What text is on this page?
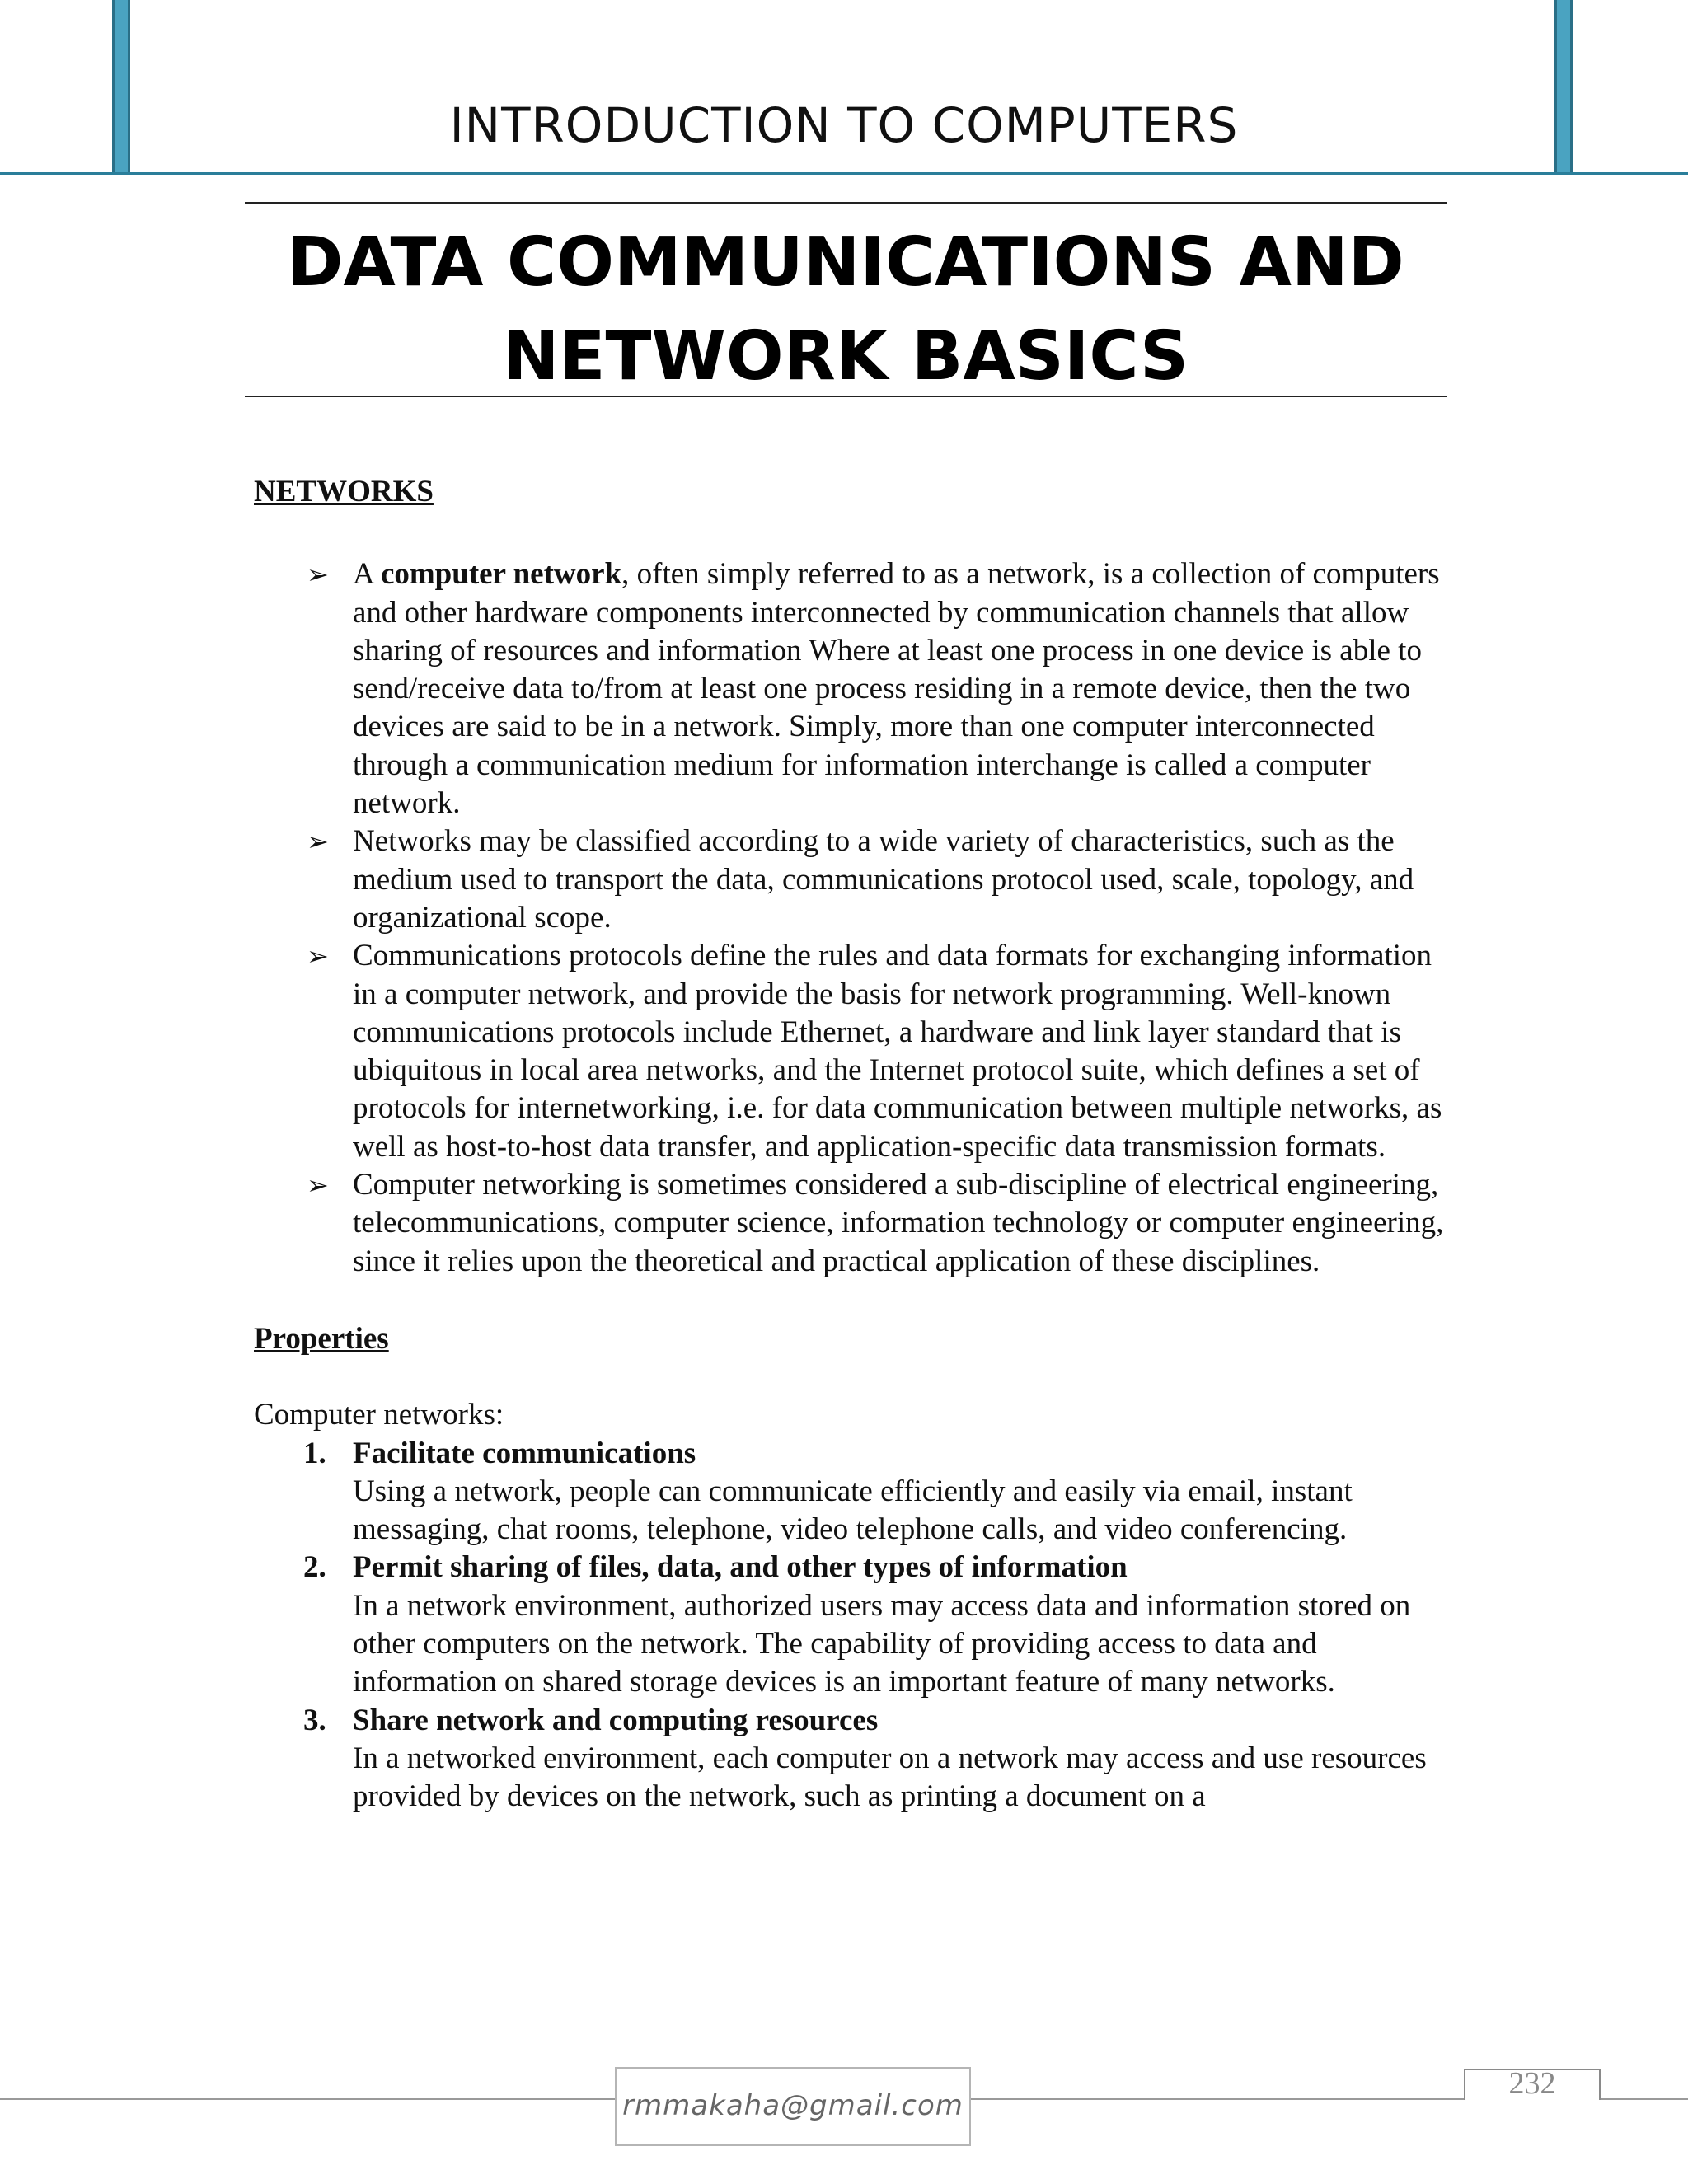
INTRODUCTION TO COMPUTERS
DATA COMMUNICATIONS AND
NETWORK BASICS

NETWORKS

➢ A computer network, often simply referred to as a network, is a collection of computers and other hardware components interconnected by communication channels that allow sharing of resources and information Where at least one process in one device is able to send/receive data to/from at least one process residing in a remote device, then the two devices are said to be in a network. Simply, more than one computer interconnected through a communication medium for information interchange is called a computer network.
➢ Networks may be classified according to a wide variety of characteristics, such as the medium used to transport the data, communications protocol used, scale, topology, and organizational scope.
➢ Communications protocols define the rules and data formats for exchanging information in a computer network, and provide the basis for network programming. Well-known communications protocols include Ethernet, a hardware and link layer standard that is ubiquitous in local area networks, and the Internet protocol suite, which defines a set of protocols for internetworking, i.e. for data communication between multiple networks, as well as host-to-host data transfer, and application-specific data transmission formats.
➢ Computer networking is sometimes considered a sub-discipline of electrical engineering, telecommunications, computer science, information technology or computer engineering, since it relies upon the theoretical and practical application of these disciplines.

Properties

Computer networks:
1. Facilitate communications
Using a network, people can communicate efficiently and easily via email, instant messaging, chat rooms, telephone, video telephone calls, and video conferencing.
2. Permit sharing of files, data, and other types of information
In a network environment, authorized users may access data and information stored on other computers on the network. The capability of providing access to data and information on shared storage devices is an important feature of many networks.
3. Share network and computing resources
In a networked environment, each computer on a network may access and use resources provided by devices on the network, such as printing a document on a
rmmakaha@gmail.com
232
